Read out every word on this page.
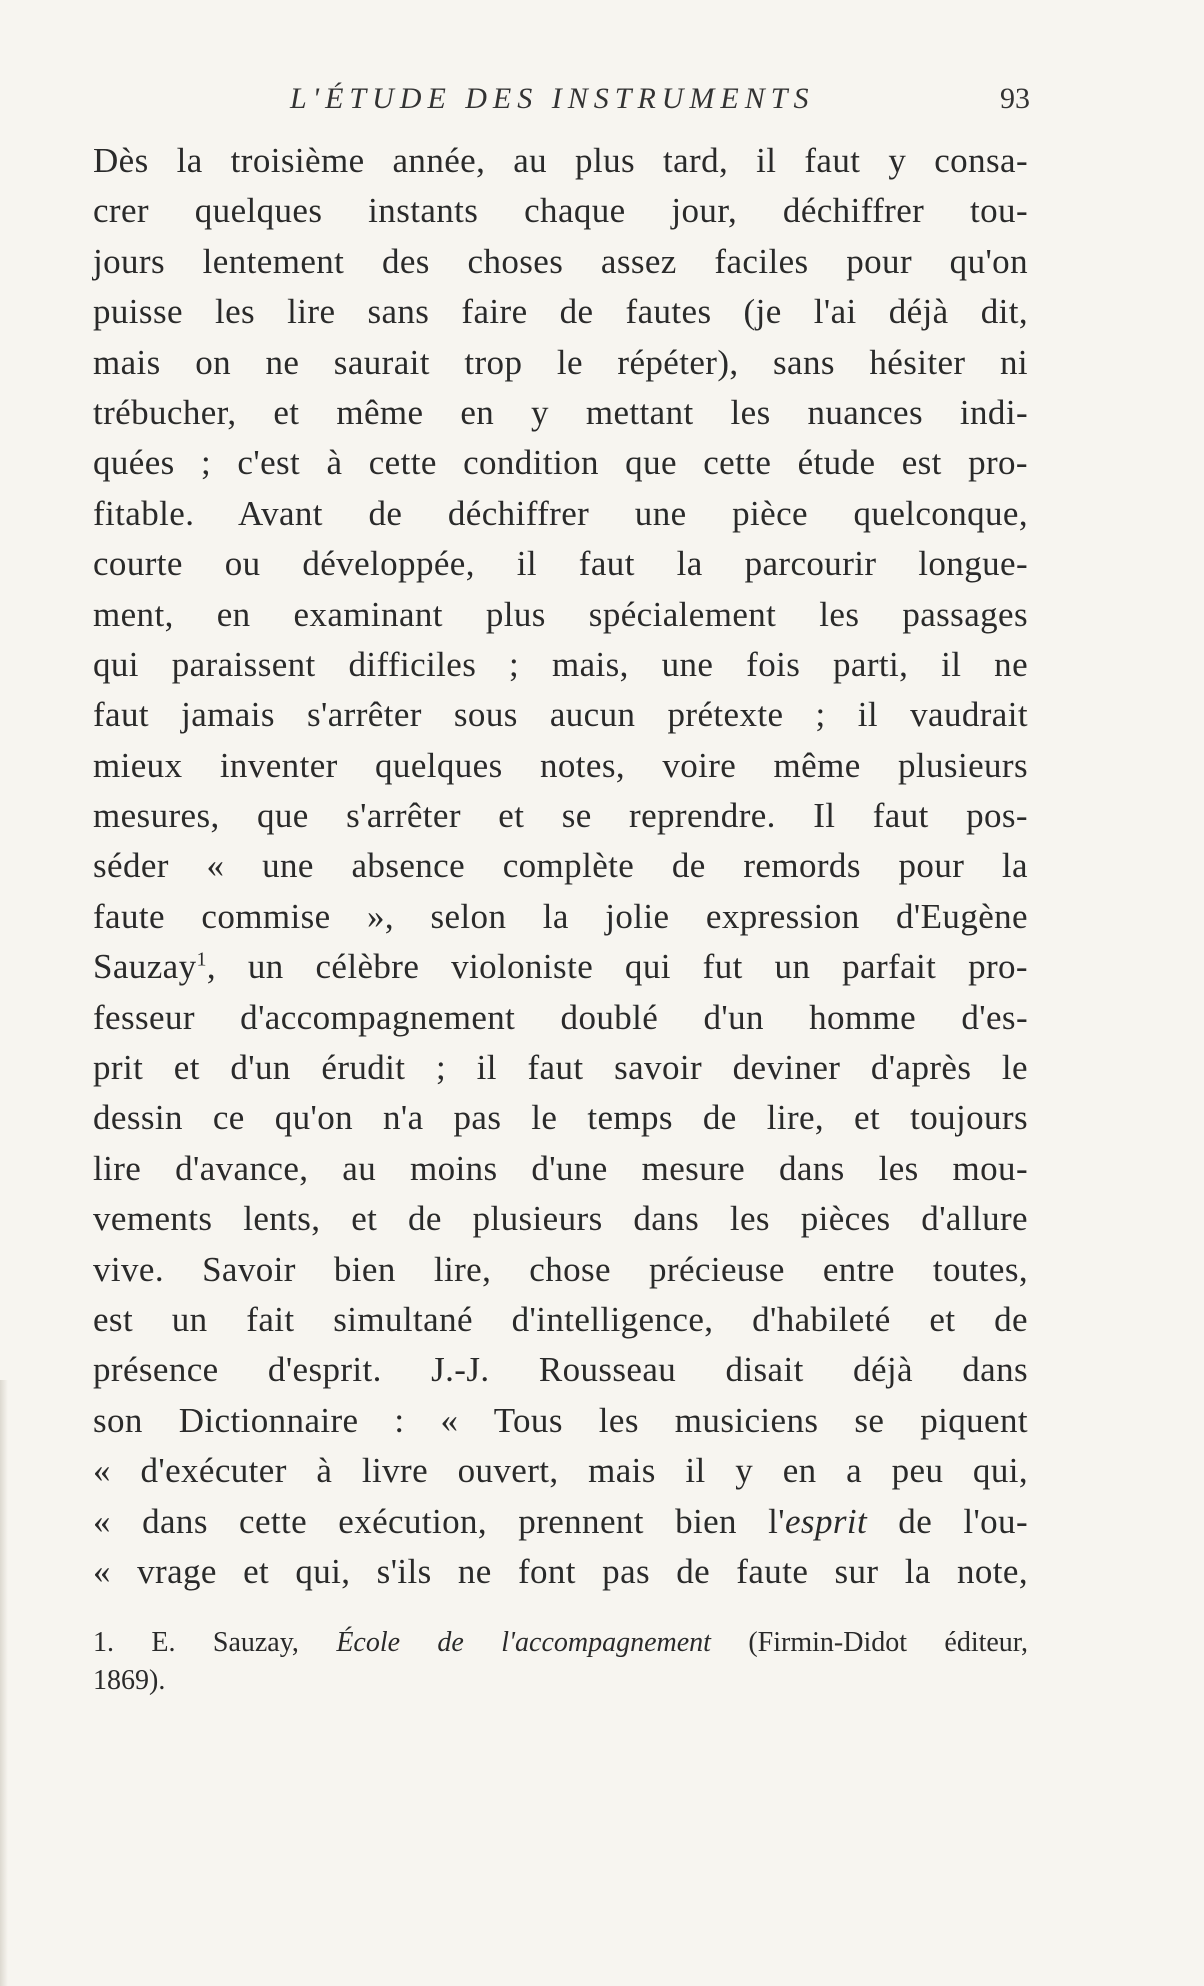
L'ÉTUDE DES INSTRUMENTS	93
Dès la troisième année, au plus tard, il faut y consa-
crer quelques instants chaque jour, déchiffrer tou-
jours lentement des choses assez faciles pour qu'on
puisse les lire sans faire de fautes (je l'ai déjà dit,
mais on ne saurait trop le répéter), sans hésiter ni
trébucher, et même en y mettant les nuances indi-
quées ; c'est à cette condition que cette étude est pro-
fitable. Avant de déchiffrer une pièce quelconque,
courte ou développée, il faut la parcourir longue-
ment, en examinant plus spécialement les passages
qui paraissent difficiles ; mais, une fois parti, il ne
faut jamais s'arrêter sous aucun prétexte ; il vaudrait
mieux inventer quelques notes, voire même plusieurs
mesures, que s'arrêter et se reprendre. Il faut pos-
séder « une absence complète de remords pour la
faute commise », selon la jolie expression d'Eugène
Sauzay$^1$, un célèbre violoniste qui fut un parfait pro-
fesseur d'accompagnement doublé d'un homme d'es-
prit et d'un érudit ; il faut savoir deviner d'après le
dessin ce qu'on n'a pas le temps de lire, et toujours
lire d'avance, au moins d'une mesure dans les mou-
vements lents, et de plusieurs dans les pièces d'allure
vive. Savoir bien lire, chose précieuse entre toutes,
est un fait simultané d'intelligence, d'habileté et de
présence d'esprit. J.-J. Rousseau disait déjà dans
son Dictionnaire : « Tous les musiciens se piquent
« d'exécuter à livre ouvert, mais il y en a peu qui,
« dans cette exécution, prennent bien l'esprit de l'ou-
« vrage et qui, s'ils ne font pas de faute sur la note,
1. E. Sauzay, École de l'accompagnement (Firmin-Didot éditeur,
1869).
